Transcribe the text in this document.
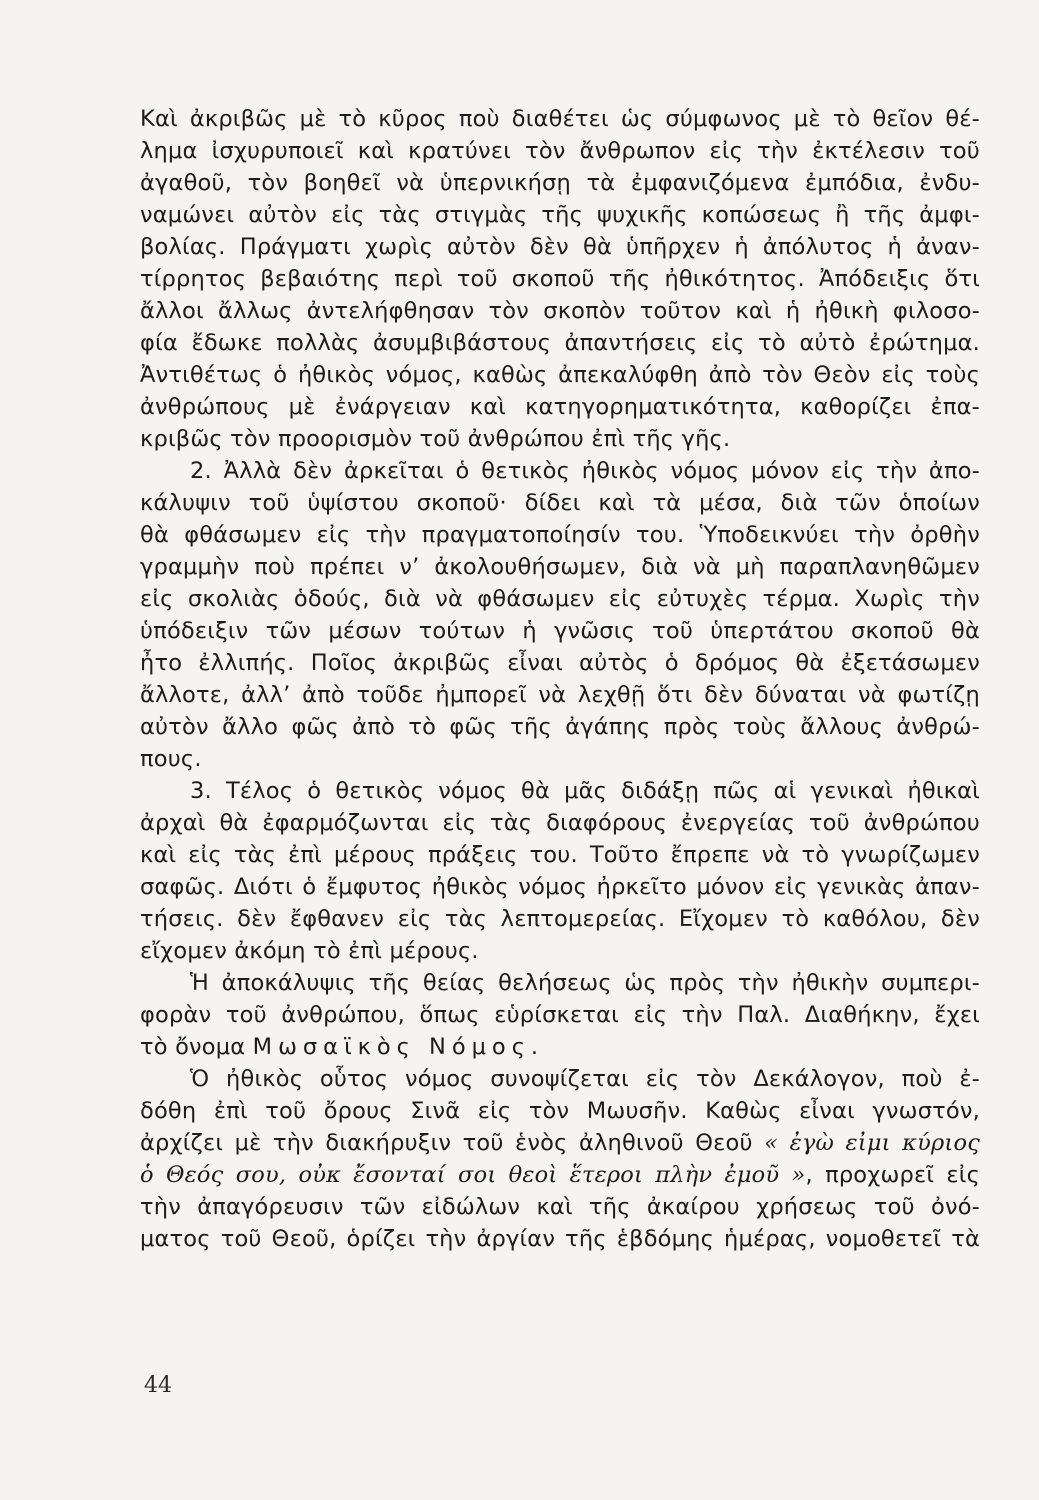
Καὶ ἀκριβῶς μὲ τὸ κῦρος ποὺ διαθέτει ὡς σύμφωνος μὲ τὸ θεῖον θέ-
λημα ἰσχυρυποιεῖ καὶ κρατύνει τὸν ἄνθρωπον εἰς τὴν ἐκτέλεσιν τοῦ
ἀγαθοῦ, τὸν βοηθεῖ νὰ ὑπερνικήσῃ τὰ ἐμφανιζόμενα ἐμπόδια, ἐνδυ-
ναμώνει αὐτὸν εἰς τὰς στιγμὰς τῆς ψυχικῆς κοπώσεως ἢ τῆς ἀμφι-
βολίας. Πράγματι χωρὶς αὐτὸν δὲν θὰ ὑπῆρχεν ἡ ἀπόλυτος ἡ ἀναν-
τίρρητος βεβαιότης περὶ τοῦ σκοποῦ τῆς ἠθικότητος. Ἀπόδειξις ὅτι
ἄλλοι ἄλλως ἀντελήφθησαν τὸν σκοπὸν τοῦτον καὶ ἡ ἠθικὴ φιλοσο-
φία ἔδωκε πολλὰς ἀσυμβιβάστους ἀπαντήσεις εἰς τὸ αὐτὸ ἐρώτημα.
Ἀντιθέτως ὁ ἠθικὸς νόμος, καθὼς ἀπεκαλύφθη ἀπὸ τὸν Θεὸν εἰς τοὺς
ἀνθρώπους μὲ ἐνάργειαν καὶ κατηγορηματικότητα, καθορίζει ἐπα-
κριβῶς τὸν προορισμὸν τοῦ ἀνθρώπου ἐπὶ τῆς γῆς.
2. Ἀλλὰ δὲν ἀρκεῖται ὁ θετικὸς ἠθικὸς νόμος μόνον εἰς τὴν ἀπο-
κάλυψιν τοῦ ὑψίστου σκοποῦ· δίδει καὶ τὰ μέσα, διὰ τῶν ὁποίων
θὰ φθάσωμεν εἰς τὴν πραγματοποίησίν του. Ὑποδεικνύει τὴν ὀρθὴν
γραμμὴν ποὺ πρέπει ν’ ἀκολουθήσωμεν, διὰ νὰ μὴ παραπλανηθῶμεν
εἰς σκολιὰς ὁδούς, διὰ νὰ φθάσωμεν εἰς εὐτυχὲς τέρμα. Χωρὶς τὴν
ὑπόδειξιν τῶν μέσων τούτων ἡ γνῶσις τοῦ ὑπερτάτου σκοποῦ θὰ
ἦτο ἐλλιπής. Ποῖος ἀκριβῶς εἶναι αὐτὸς ὁ δρόμος θὰ ἐξετάσωμεν
ἄλλοτε, ἀλλ’ ἀπὸ τοῦδε ἠμπορεῖ νὰ λεχθῇ ὅτι δὲν δύναται νὰ φωτίζῃ
αὐτὸν ἄλλο φῶς ἀπὸ τὸ φῶς τῆς ἀγάπης πρὸς τοὺς ἄλλους ἀνθρώ-
πους.
3. Τέλος ὁ θετικὸς νόμος θὰ μᾶς διδάξῃ πῶς αἱ γενικαὶ ἠθικαὶ
ἀρχαὶ θὰ ἐφαρμόζωνται εἰς τὰς διαφόρους ἐνεργείας τοῦ ἀνθρώπου
καὶ εἰς τὰς ἐπὶ μέρους πράξεις του. Τοῦτο ἔπρεπε νὰ τὸ γνωρίζωμεν
σαφῶς. Διότι ὁ ἔμφυτος ἠθικὸς νόμος ἠρκεῖτο μόνον εἰς γενικὰς ἀπαν-
τήσεις. δὲν ἔφθανεν εἰς τὰς λεπτομερείας. Εἴχομεν τὸ καθόλου, δὲν
εἴχομεν ἀκόμη τὸ ἐπὶ μέρους.
Ἡ ἀποκάλυψις τῆς θείας θελήσεως ὡς πρὸς τὴν ἠθικὴν συμπερι-
φορὰν τοῦ ἀνθρώπου, ὅπως εὑρίσκεται εἰς τὴν Παλ. Διαθήκην, ἔχει
τὸ ὄνομα Μωσαϊκὸς Νόμος.
Ὁ ἠθικὸς οὗτος νόμος συνοψίζεται εἰς τὸν Δεκάλογον, ποὺ ἐ-
δόθη ἐπὶ τοῦ ὄρους Σινᾶ εἰς τὸν Μωυσῆν. Καθὼς εἶναι γνωστόν,
ἀρχίζει μὲ τὴν διακήρυξιν τοῦ ἑνὸς ἀληθινοῦ Θεοῦ « ἐγὼ εἰμι κύριος
ὁ Θεός σου, οὐκ ἔσονταί σοι θεοὶ ἕτεροι πλὴν ἐμοῦ », προχωρεῖ εἰς
τὴν ἀπαγόρευσιν τῶν εἰδώλων καὶ τῆς ἀκαίρου χρήσεως τοῦ ὀνό-
ματος τοῦ Θεοῦ, ὁρίζει τὴν ἀργίαν τῆς ἑβδόμης ἡμέρας, νομοθετεῖ τὰ
44
